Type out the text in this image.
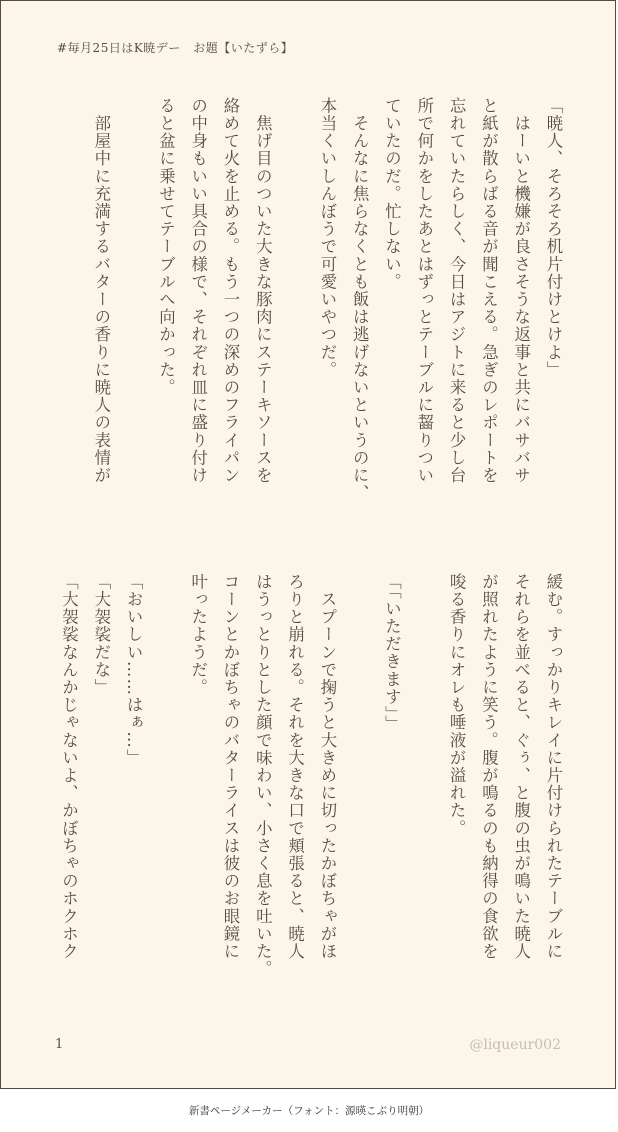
#毎月25日はK暁デー　お題【いたずら】
「暁人、そろそろ机片付けとけよ」
　はーいと機嫌が良さそうな返事と共にバサバサ
と紙が散らばる音が聞こえる。急ぎのレポートを
忘れていたらしく、今日はアジトに来ると少し台
所で何かをしたあとはずっとテーブルに齧りつい
ていたのだ。忙しない。
　そんなに焦らなくとも飯は逃げないというのに、
本当くいしんぼうで可愛いやつだ。
　焦げ目のついた大きな豚肉にステーキソースを
絡めて火を止める。もう一つの深めのフライパン
の中身もいい具合の様で、それぞれ皿に盛り付け
ると盆に乗せてテーブルへ向かった。
　部屋中に充満するバターの香りに暁人の表情が
緩む。すっかりキレイに片付けられたテーブルに
それらを並べると、ぐぅ、と腹の虫が鳴いた暁人
が照れたように笑う。腹が鳴るのも納得の食欲を
唆る香りにオレも唾液が溢れた。
「「いただきます」」
　スプーンで掬うと大きめに切ったかぼちゃがほ
ろりと崩れる。それを大きな口で頬張ると、暁人
はうっとりとした顔で味わい、小さく息を吐いた。
コーンとかぼちゃのバターライスは彼のお眼鏡に
叶ったようだ。
「おいしい……はぁ…」
「大袈裟だな」
「大袈裟なんかじゃないよ、かぼちゃのホクホク
1	@liqueur002
新書ページメーカー（フォント：源暎こぶり明朝）
